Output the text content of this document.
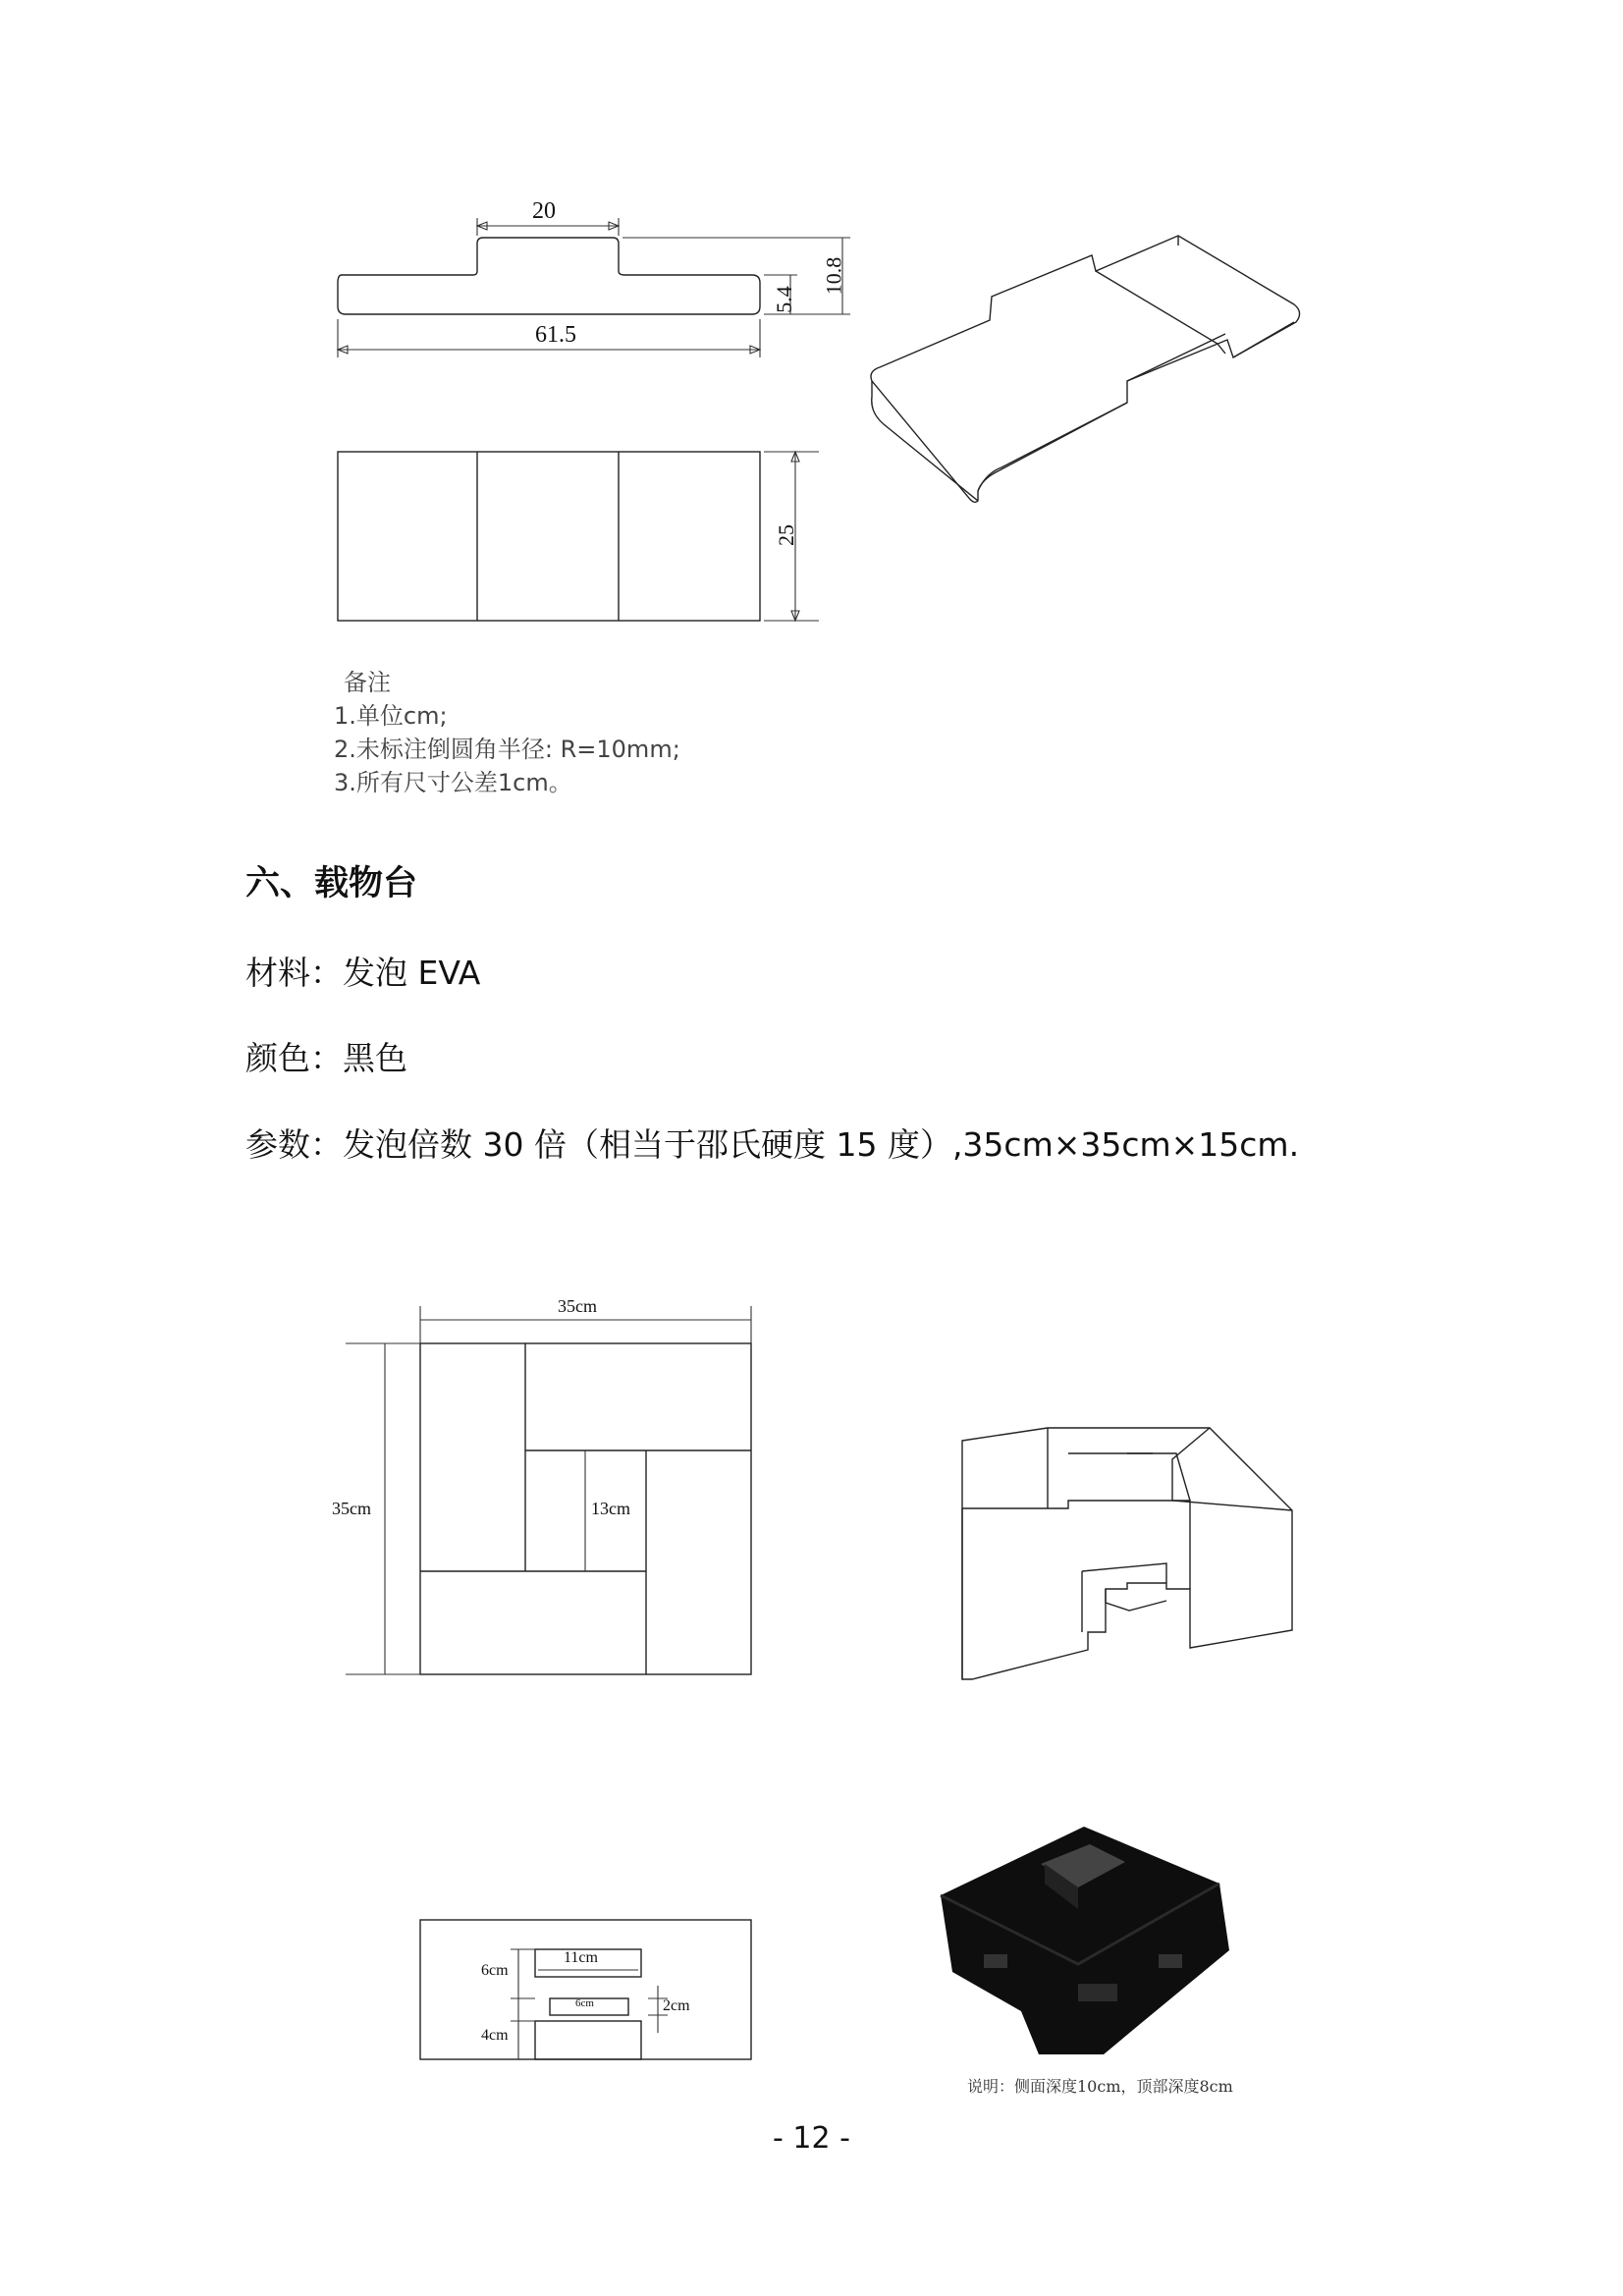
20
61.5
5.4
10.8
25
备注
1.单位cm;
2.未标注倒圆角半径: R=10mm;
3.所有尺寸公差1cm。
六、载物台
材料：发泡 EVA
颜色：黑色
参数：发泡倍数 30 倍（相当于邵氏硬度 15 度）,35cm×35cm×15cm.
35cm
35cm	13cm
11cm
6cm
6cm	2cm
4cm
说明：侧面深度10cm，顶部深度8cm
- 12 -
